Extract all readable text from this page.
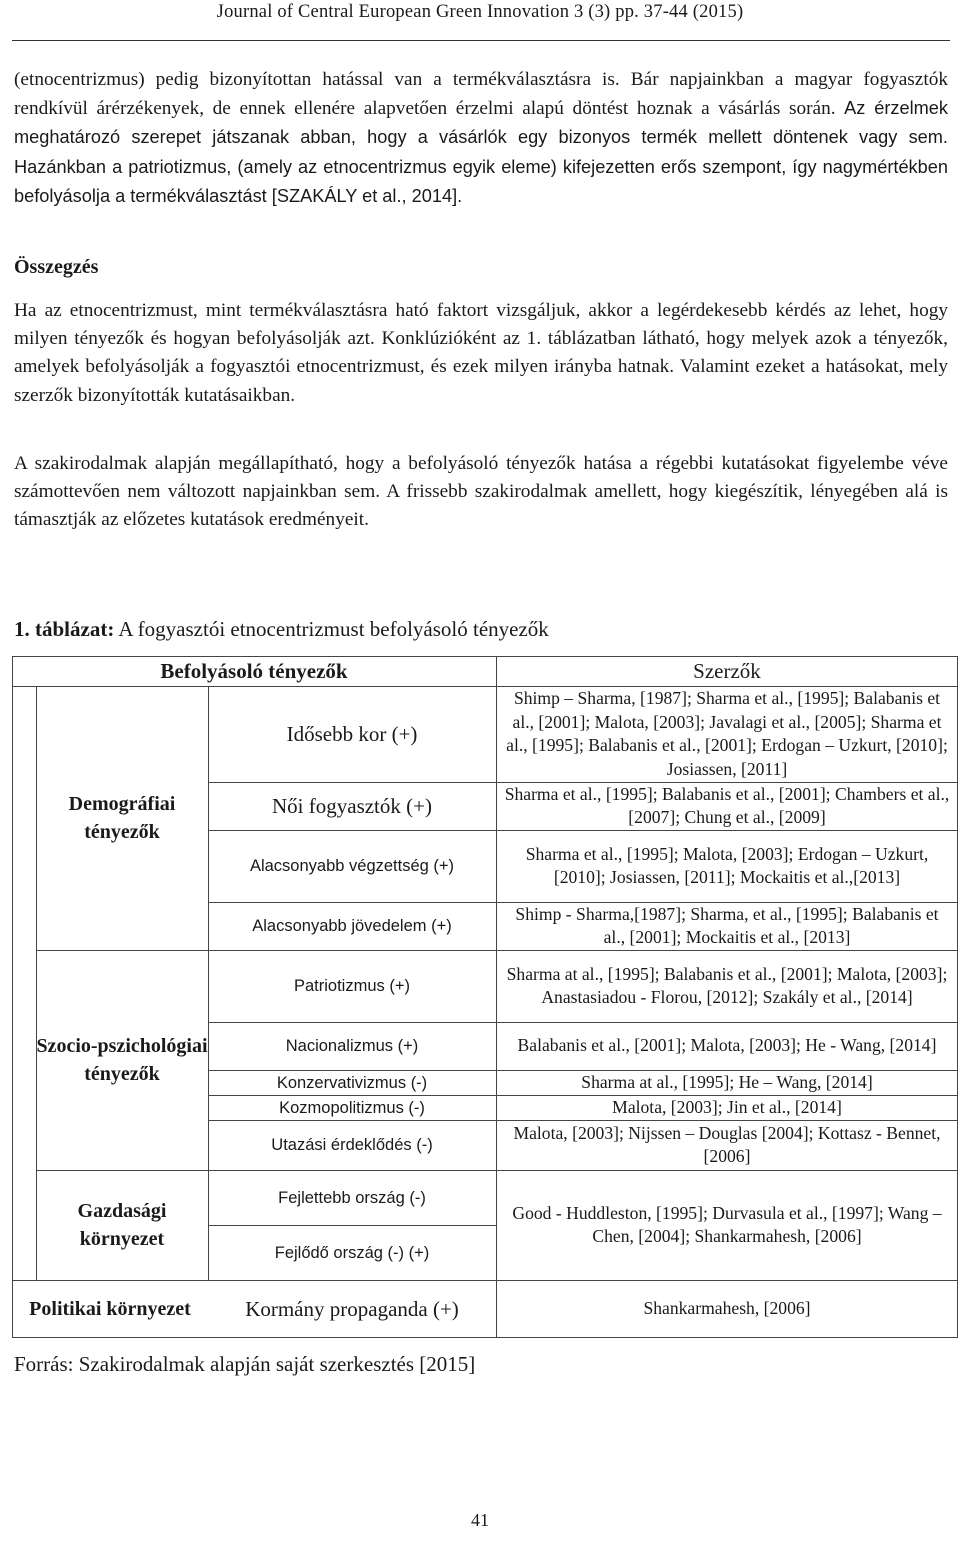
Journal of Central European Green Innovation 3 (3) pp. 37-44 (2015)

(etnocentrizmus) pedig bizonyítottan hatással van a termékválasztásra is. Bár napjainkban a magyar fogyasztók rendkívül árérzékenyek, de ennek ellenére alapvetően érzelmi alapú döntést hoznak a vásárlás során. Az érzelmek meghatározó szerepet játszanak abban, hogy a vásárlók egy bizonyos termék mellett döntenek vagy sem. Hazánkban a patriotizmus, (amely az etnocentrizmus egyik eleme) kifejezetten erős szempont, így nagymértékben befolyásolja a termékválasztást [SZAKÁLY et al., 2014].

Összegzés

Ha az etnocentrizmust, mint termékválasztásra ható faktort vizsgáljuk, akkor a legérdekesebb kérdés az lehet, hogy milyen tényezők és hogyan befolyásolják azt. Konklúzióként az 1. táblázatban látható, hogy melyek azok a tényezők, amelyek befolyásolják a fogyasztói etnocentrizmust, és ezek milyen irányba hatnak. Valamint ezeket a hatásokat, mely szerzők bizonyították kutatásaikban.

A szakirodalmak alapján megállapítható, hogy a befolyásoló tényezők hatása a régebbi kutatásokat figyelembe véve számottevően nem változott napjainkban sem. A frissebb szakirodalmak amellett, hogy kiegészítik, lényegében alá is támasztják az előzetes kutatások eredményeit.

1. táblázat: A fogyasztói etnocentrizmust befolyásoló tényezők
Befolyásoló tényezők	Szerzők
Demográfiai tényezők
Szocio-pszichológiai tényezők
Gazdasági környezet
Politikai környezet
Idősebb kor (+)
Női fogyasztók (+)
Alacsonyabb végzettség (+)
Alacsonyabb jövedelem (+)
Patriotizmus (+)
Nacionalizmus (+)
Konzervativizmus (-)
Kozmopolitizmus (-)
Utazási érdeklődés (-)
Fejlettebb ország (-)
Fejlődő ország (-) (+)
Kormány propaganda (+)
Shimp – Sharma, [1987]; Sharma et al., [1995]; Balabanis et al., [2001]; Malota, [2003]; Javalagi et al., [2005]; Sharma et al., [1995]; Balabanis et al., [2001]; Erdogan – Uzkurt, [2010]; Josiassen, [2011]
Sharma et al., [1995]; Balabanis et al., [2001]; Chambers et al., [2007]; Chung et al., [2009]
Sharma et al., [1995]; Malota, [2003]; Erdogan – Uzkurt, [2010]; Josiassen, [2011]; Mockaitis et al.,[2013]
Shimp - Sharma,[1987]; Sharma, et al., [1995]; Balabanis et al., [2001]; Mockaitis et al., [2013]
Sharma at al., [1995]; Balabanis et al., [2001]; Malota, [2003]; Anastasiadou - Florou, [2012]; Szakály et al., [2014]
Balabanis et al., [2001]; Malota, [2003]; He - Wang, [2014]
Sharma at al., [1995]; He – Wang, [2014]
Malota, [2003]; Jin et al., [2014]
Malota, [2003]; Nijssen – Douglas [2004]; Kottasz - Bennet, [2006]
Good - Huddleston, [1995]; Durvasula et al., [1997]; Wang – Chen, [2004]; Shankarmahesh, [2006]
Shankarmahesh, [2006]
Forrás: Szakirodalmak alapján saját szerkesztés [2015]
41
